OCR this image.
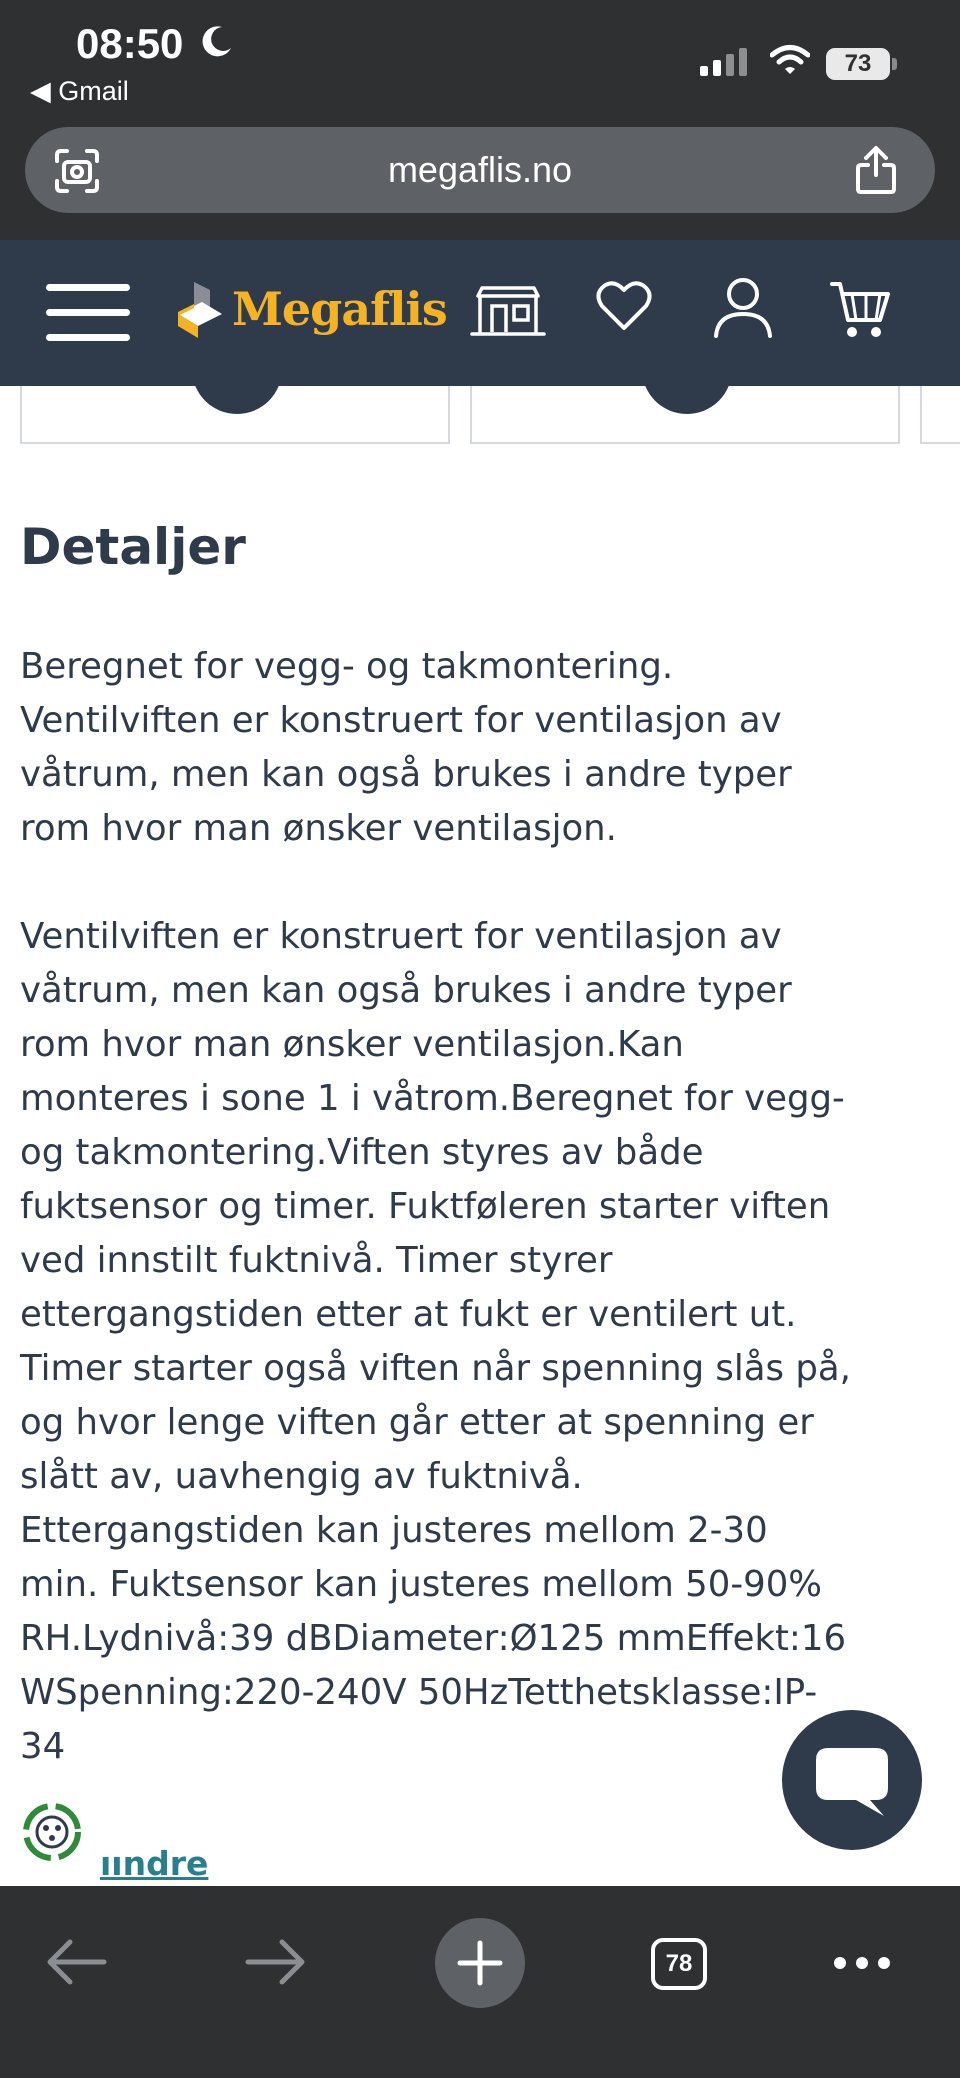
08:50
◀ Gmail
73
megaflis.no
Megaflis
Detaljer

Beregnet for vegg- og takmontering.
Ventilviften er konstruert for ventilasjon av
våtrum, men kan også brukes i andre typer
rom hvor man ønsker ventilasjon.

Ventilviften er konstruert for ventilasjon av
våtrum, men kan også brukes i andre typer
rom hvor man ønsker ventilasjon.Kan
monteres i sone 1 i våtrom.Beregnet for vegg-
og takmontering.Viften styres av både
fuktsensor og timer. Fuktføleren starter viften
ved innstilt fuktnivå. Timer styrer
ettergangstiden etter at fukt er ventilert ut.
Timer starter også viften når spenning slås på,
og hvor lenge viften går etter at spenning er
slått av, uavhengig av fuktnivå.
Ettergangstiden kan justeres mellom 2-30
min. Fuktsensor kan justeres mellom 50-90%
RH.Lydnivå:39 dBDiameter:Ø125 mmEffekt:16
WSpenning:220-240V 50HzTetthetsklasse:IP-
34

ıındre
78
